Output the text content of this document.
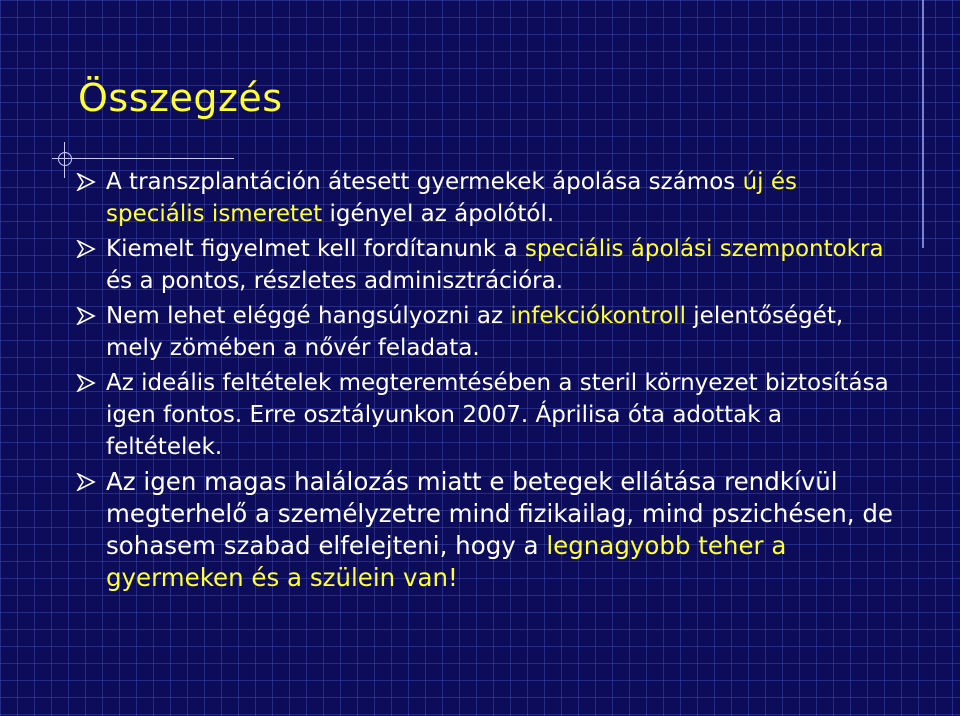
Összegzés
A transzplantáción átesett gyermekek ápolása számos új és speciális ismeretet igényel az ápolótól.
Kiemelt figyelmet kell fordítanunk a speciális ápolási szempontokra és a pontos, részletes adminisztrációra.
Nem lehet eléggé hangsúlyozni az infekciókontroll jelentőségét, mely zömében a nővér feladata.
Az ideális feltételek megteremtésében a steril környezet biztosítása igen fontos. Erre osztályunkon 2007. Áprilisa óta adottak a feltételek.
Az igen magas halálozás miatt e betegek ellátása rendkívül megterhelő a személyzetre mind fizikailag, mind pszichésen, de sohasem szabad elfelejteni, hogy a legnagyobb teher a gyermeken és a szülein van!
